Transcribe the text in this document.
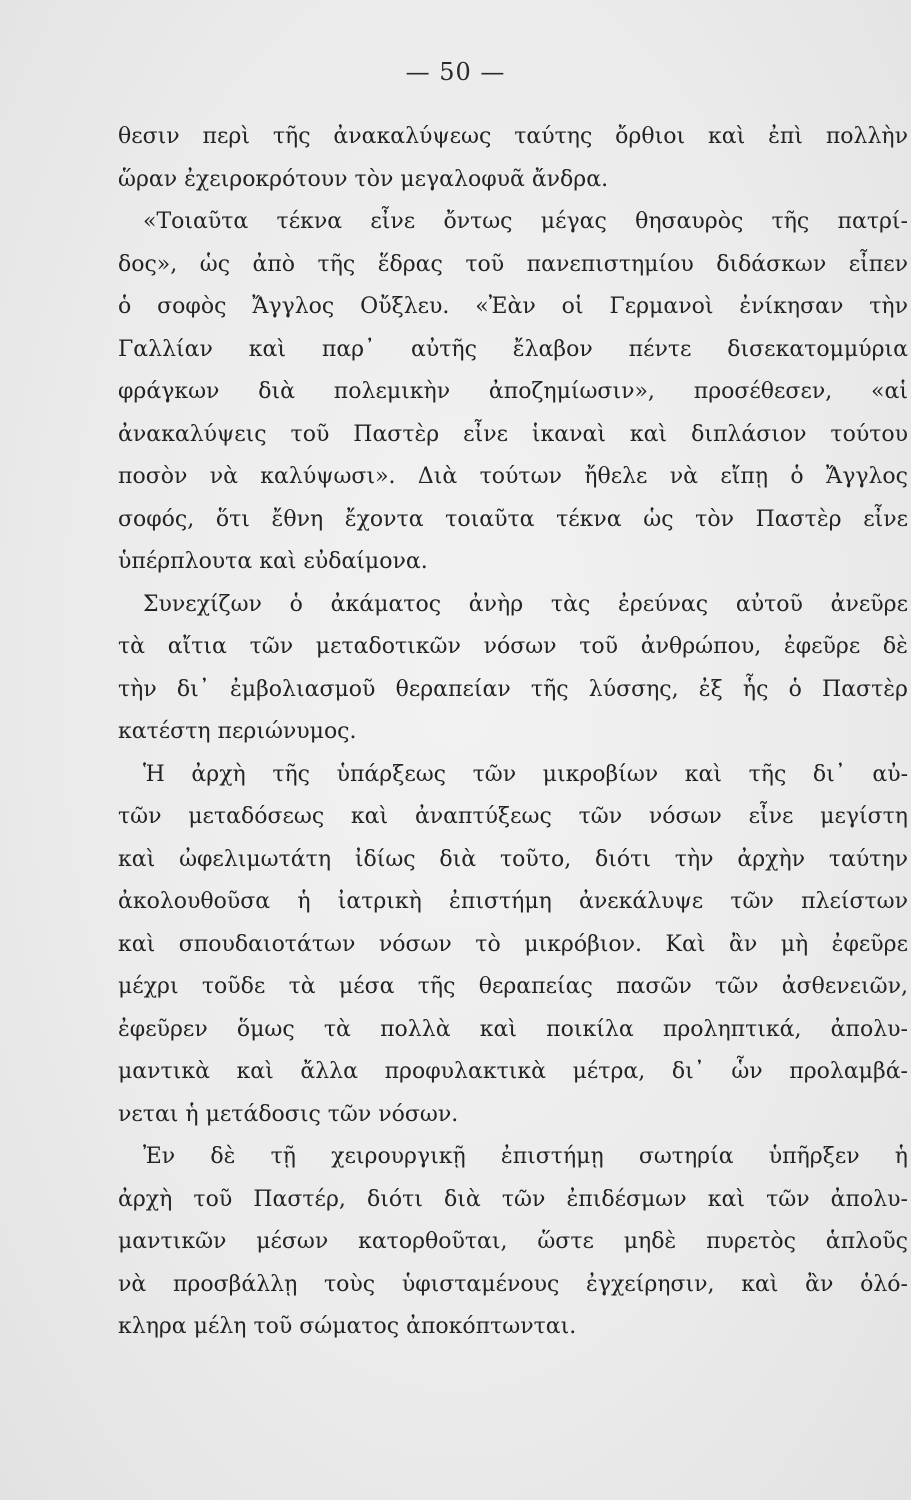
— 50 —
θεσιν περὶ τῆς ἀνακαλύψεως ταύτης ὄρθιοι καὶ ἐπὶ πολλὴν
ὥραν ἐχειροκρότουν τὸν μεγαλοφυᾶ ἄνδρα.
«Τοιαῦτα τέκνα εἶνε ὄντως μέγας θησαυρὸς τῆς πατρί-
δος», ὡς ἀπὸ τῆς ἕδρας τοῦ πανεπιστημίου διδάσκων εἶπεν
ὁ σοφὸς Ἄγγλος Οὔξλευ. «Ἐὰν οἱ Γερμανοὶ ἐνίκησαν τὴν
Γαλλίαν καὶ παρ᾽ αὐτῆς ἔλαβον πέντε δισεκατομμύρια
φράγκων διὰ πολεμικὴν ἀποζημίωσιν», προσέθεσεν, «αἱ
ἀνακαλύψεις τοῦ Παστὲρ εἶνε ἱκαναὶ καὶ διπλάσιον τούτου
ποσὸν νὰ καλύψωσι». Διὰ τούτων ἤθελε νὰ εἴπῃ ὁ Ἄγγλος
σοφός, ὅτι ἔθνη ἔχοντα τοιαῦτα τέκνα ὡς τὸν Παστὲρ εἶνε
ὑπέρπλουτα καὶ εὐδαίμονα.
Συνεχίζων ὁ ἀκάματος ἀνὴρ τὰς ἐρεύνας αὐτοῦ ἀνεῦρε
τὰ αἴτια τῶν μεταδοτικῶν νόσων τοῦ ἀνθρώπου, ἐφεῦρε δὲ
τὴν δι᾽ ἐμβολιασμοῦ θεραπείαν τῆς λύσσης, ἐξ ἧς ὁ Παστὲρ
κατέστη περιώνυμος.
Ἡ ἀρχὴ τῆς ὑπάρξεως τῶν μικροβίων καὶ τῆς δι᾽ αὐ-
τῶν μεταδόσεως καὶ ἀναπτύξεως τῶν νόσων εἶνε μεγίστη
καὶ ὠφελιμωτάτη ἰδίως διὰ τοῦτο, διότι τὴν ἀρχὴν ταύτην
ἀκολουθοῦσα ἡ ἰατρικὴ ἐπιστήμη ἀνεκάλυψε τῶν πλείστων
καὶ σπουδαιοτάτων νόσων τὸ μικρόβιον. Καὶ ἂν μὴ ἐφεῦρε
μέχρι τοῦδε τὰ μέσα τῆς θεραπείας πασῶν τῶν ἀσθενειῶν,
ἐφεῦρεν ὅμως τὰ πολλὰ καὶ ποικίλα προληπτικά, ἀπολυ-
μαντικὰ καὶ ἄλλα προφυλακτικὰ μέτρα, δι᾽ ὧν προλαμβά-
νεται ἡ μετάδοσις τῶν νόσων.
Ἐν δὲ τῇ χειρουργικῇ ἐπιστήμῃ σωτηρία ὑπῆρξεν ἡ
ἀρχὴ τοῦ Παστέρ, διότι διὰ τῶν ἐπιδέσμων καὶ τῶν ἀπολυ-
μαντικῶν μέσων κατορθοῦται, ὥστε μηδὲ πυρετὸς ἁπλοῦς
νὰ προσβάλλῃ τοὺς ὑφισταμένους ἐγχείρησιν, καὶ ἂν ὁλό-
κληρα μέλη τοῦ σώματος ἀποκόπτωνται.
